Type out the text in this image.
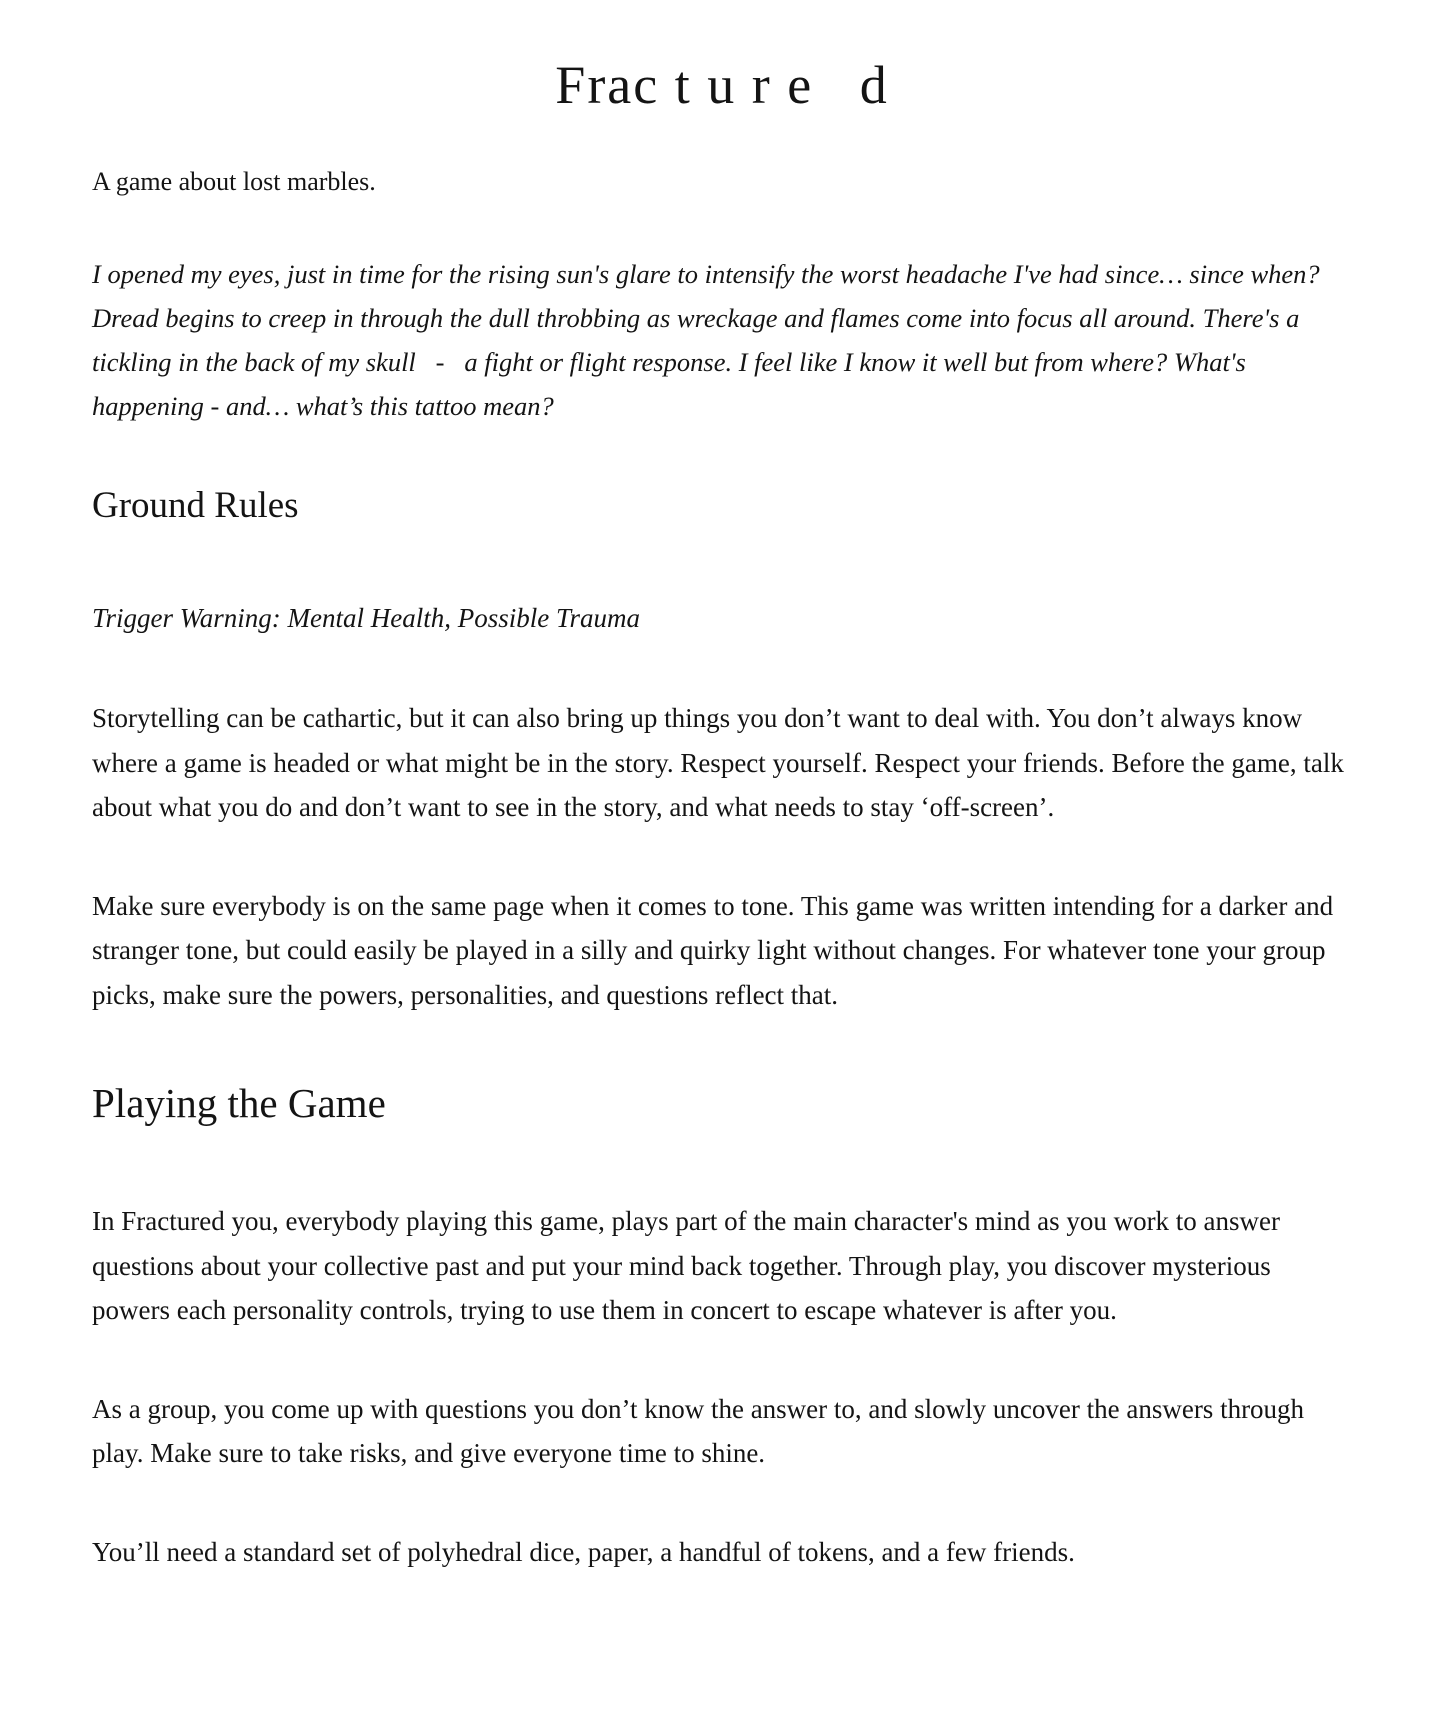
Frac t u r e   d

A game about lost marbles.

I opened my eyes, just in time for the rising sun's glare to intensify the worst headache I've had since… since when? Dread begins to creep in through the dull throbbing as wreckage and flames come into focus all around. There's a tickling in the back of my skull   -   a fight or flight response. I feel like I know it well but from where? What's happening - and… what’s this tattoo mean?

Ground Rules

Trigger Warning: Mental Health, Possible Trauma

Storytelling can be cathartic, but it can also bring up things you don’t want to deal with. You don’t always know where a game is headed or what might be in the story. Respect yourself. Respect your friends. Before the game, talk about what you do and don’t want to see in the story, and what needs to stay ‘off-screen’.

Make sure everybody is on the same page when it comes to tone. This game was written intending for a darker and stranger tone, but could easily be played in a silly and quirky light without changes. For whatever tone your group picks, make sure the powers, personalities, and questions reflect that.

Playing the Game

In Fractured you, everybody playing this game, plays part of the main character's mind as you work to answer questions about your collective past and put your mind back together. Through play, you discover mysterious powers each personality controls, trying to use them in concert to escape whatever is after you.

As a group, you come up with questions you don’t know the answer to, and slowly uncover the answers through play. Make sure to take risks, and give everyone time to shine.

You’ll need a standard set of polyhedral dice, paper, a handful of tokens, and a few friends.
